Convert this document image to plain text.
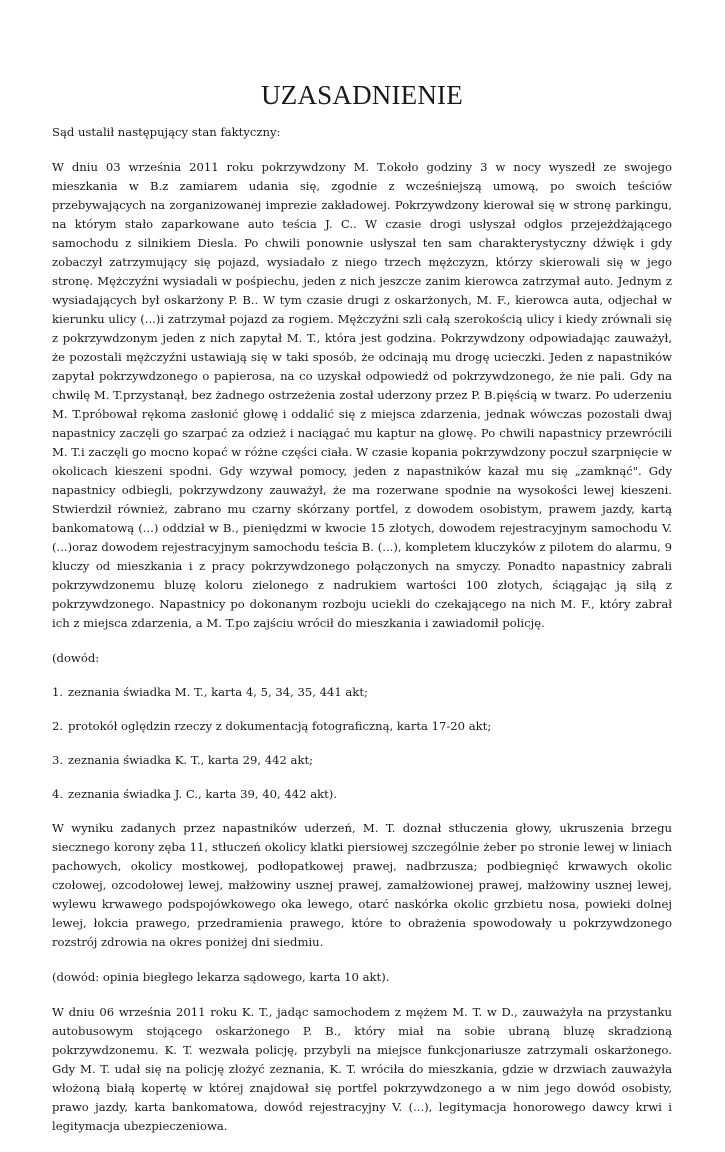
UZASADNIENIE

Sąd ustalił następujący stan faktyczny:

W dniu 03 września 2011 roku pokrzywdzony M. T.około godziny 3 w nocy wyszedł ze swojego mieszkania w B.z zamiarem udania się, zgodnie z wcześniejszą umową, po swoich teściów przebywających na zorganizowanej imprezie zakładowej. Pokrzywdzony kierował się w stronę parkingu, na którym stało zaparkowane auto teścia J. C.. W czasie drogi usłyszał odgłos przejeżdżającego samochodu z silnikiem Diesla. Po chwili ponownie usłyszał ten sam charakterystyczny dźwięk i gdy zobaczył zatrzymujący się pojazd, wysiadało z niego trzech mężczyzn, którzy skierowali się w jego stronę. Mężczyźni wysiadali w pośpiechu, jeden z nich jeszcze zanim kierowca zatrzymał auto. Jednym z wysiadających był oskarżony P. B.. W tym czasie drugi z oskarżonych, M. F., kierowca auta, odjechał w kierunku ulicy (...)i zatrzymał pojazd za rogiem. Mężczyźni szli całą szerokością ulicy i kiedy zrównali się z pokrzywdzonym jeden z nich zapytał M. T., która jest godzina. Pokrzywdzony odpowiadając zauważył, że pozostali mężczyźni ustawiają się w taki sposób, że odcinają mu drogę ucieczki. Jeden z napastników zapytał pokrzywdzonego o papierosa, na co uzyskał odpowiedź od pokrzywdzonego, że nie pali. Gdy na chwilę M. T.przystanął, bez żadnego ostrzeżenia został uderzony przez P. B.pięścią w twarz. Po uderzeniu M. T.próbował rękoma zasłonić głowę i oddalić się z miejsca zdarzenia, jednak wówczas pozostali dwaj napastnicy zaczęli go szarpać za odzież i naciągać mu kaptur na głowę. Po chwili napastnicy przewrócili M. T.i zaczęli go mocno kopać w różne części ciała. W czasie kopania pokrzywdzony poczuł szarpnięcie w okolicach kieszeni spodni. Gdy wzywał pomocy, jeden z napastników kazał mu się „zamknąć". Gdy napastnicy odbiegli, pokrzywdzony zauważył, że ma rozerwane spodnie na wysokości lewej kieszeni. Stwierdził również, zabrano mu czarny skórzany portfel, z dowodem osobistym, prawem jazdy, kartą bankomatową (...) oddział w B., pieniędzmi w kwocie 15 złotych, dowodem rejestracyjnym samochodu V. (...)oraz dowodem rejestracyjnym samochodu teścia B. (...), kompletem kluczyków z pilotem do alarmu, 9 kluczy od mieszkania i z pracy pokrzywdzonego połączonych na smyczy. Ponadto napastnicy zabrali pokrzywdzonemu bluzę koloru zielonego z nadrukiem wartości 100 złotych, ściągając ją siłą z pokrzywdzonego. Napastnicy po dokonanym rozboju uciekli do czekającego na nich M. F., który zabrał ich z miejsca zdarzenia, a M. T.po zajściu wrócił do mieszkania i zawiadomił policję.

(dowód:

1. zeznania świadka M. T., karta 4, 5, 34, 35, 441 akt;

2. protokół oględzin rzeczy z dokumentacją fotograficzną, karta 17-20 akt;

3. zeznania świadka K. T., karta 29, 442 akt;

4. zeznania świadka J. C., karta 39, 40, 442 akt).

W wyniku zadanych przez napastników uderzeń, M. T. doznał stłuczenia głowy, ukruszenia brzegu siecznego korony zęba 11, stłuczeń okolicy klatki piersiowej szczególnie żeber po stronie lewej w liniach pachowych, okolicy mostkowej, podłopatkowej prawej, nadbrzusza; podbiegnięć krwawych okolic czołowej, ozcodołowej lewej, małżowiny usznej prawej, zamałżowionej prawej, małżowiny usznej lewej, wylewu krwawego podspojówkowego oka lewego, otarć naskórka okolic grzbietu nosa, powieki dolnej lewej, łokcia prawego, przedramienia prawego, które to obrażenia spowodowały u pokrzywdzonego rozstrój zdrowia na okres poniżej dni siedmiu.

(dowód: opinia biegłego lekarza sądowego, karta 10 akt).

W dniu 06 września 2011 roku K. T., jadąc samochodem z mężem M. T. w D., zauważyła na przystanku autobusowym stojącego oskarżonego P. B., który miał na sobie ubraną bluzę skradzioną pokrzywdzonemu. K. T. wezwała policję, przybyli na miejsce funkcjonariusze zatrzymali oskarżonego. Gdy M. T. udał się na policję złożyć zeznania, K. T. wróciła do mieszkania, gdzie w drzwiach zauważyła włożoną białą kopertę w której znajdował się portfel pokrzywdzonego a w nim jego dowód osobisty, prawo jazdy, karta bankomatowa, dowód rejestracyjny V. (...), legitymacja honorowego dawcy krwi i legitymacja ubezpieczeniowa.
